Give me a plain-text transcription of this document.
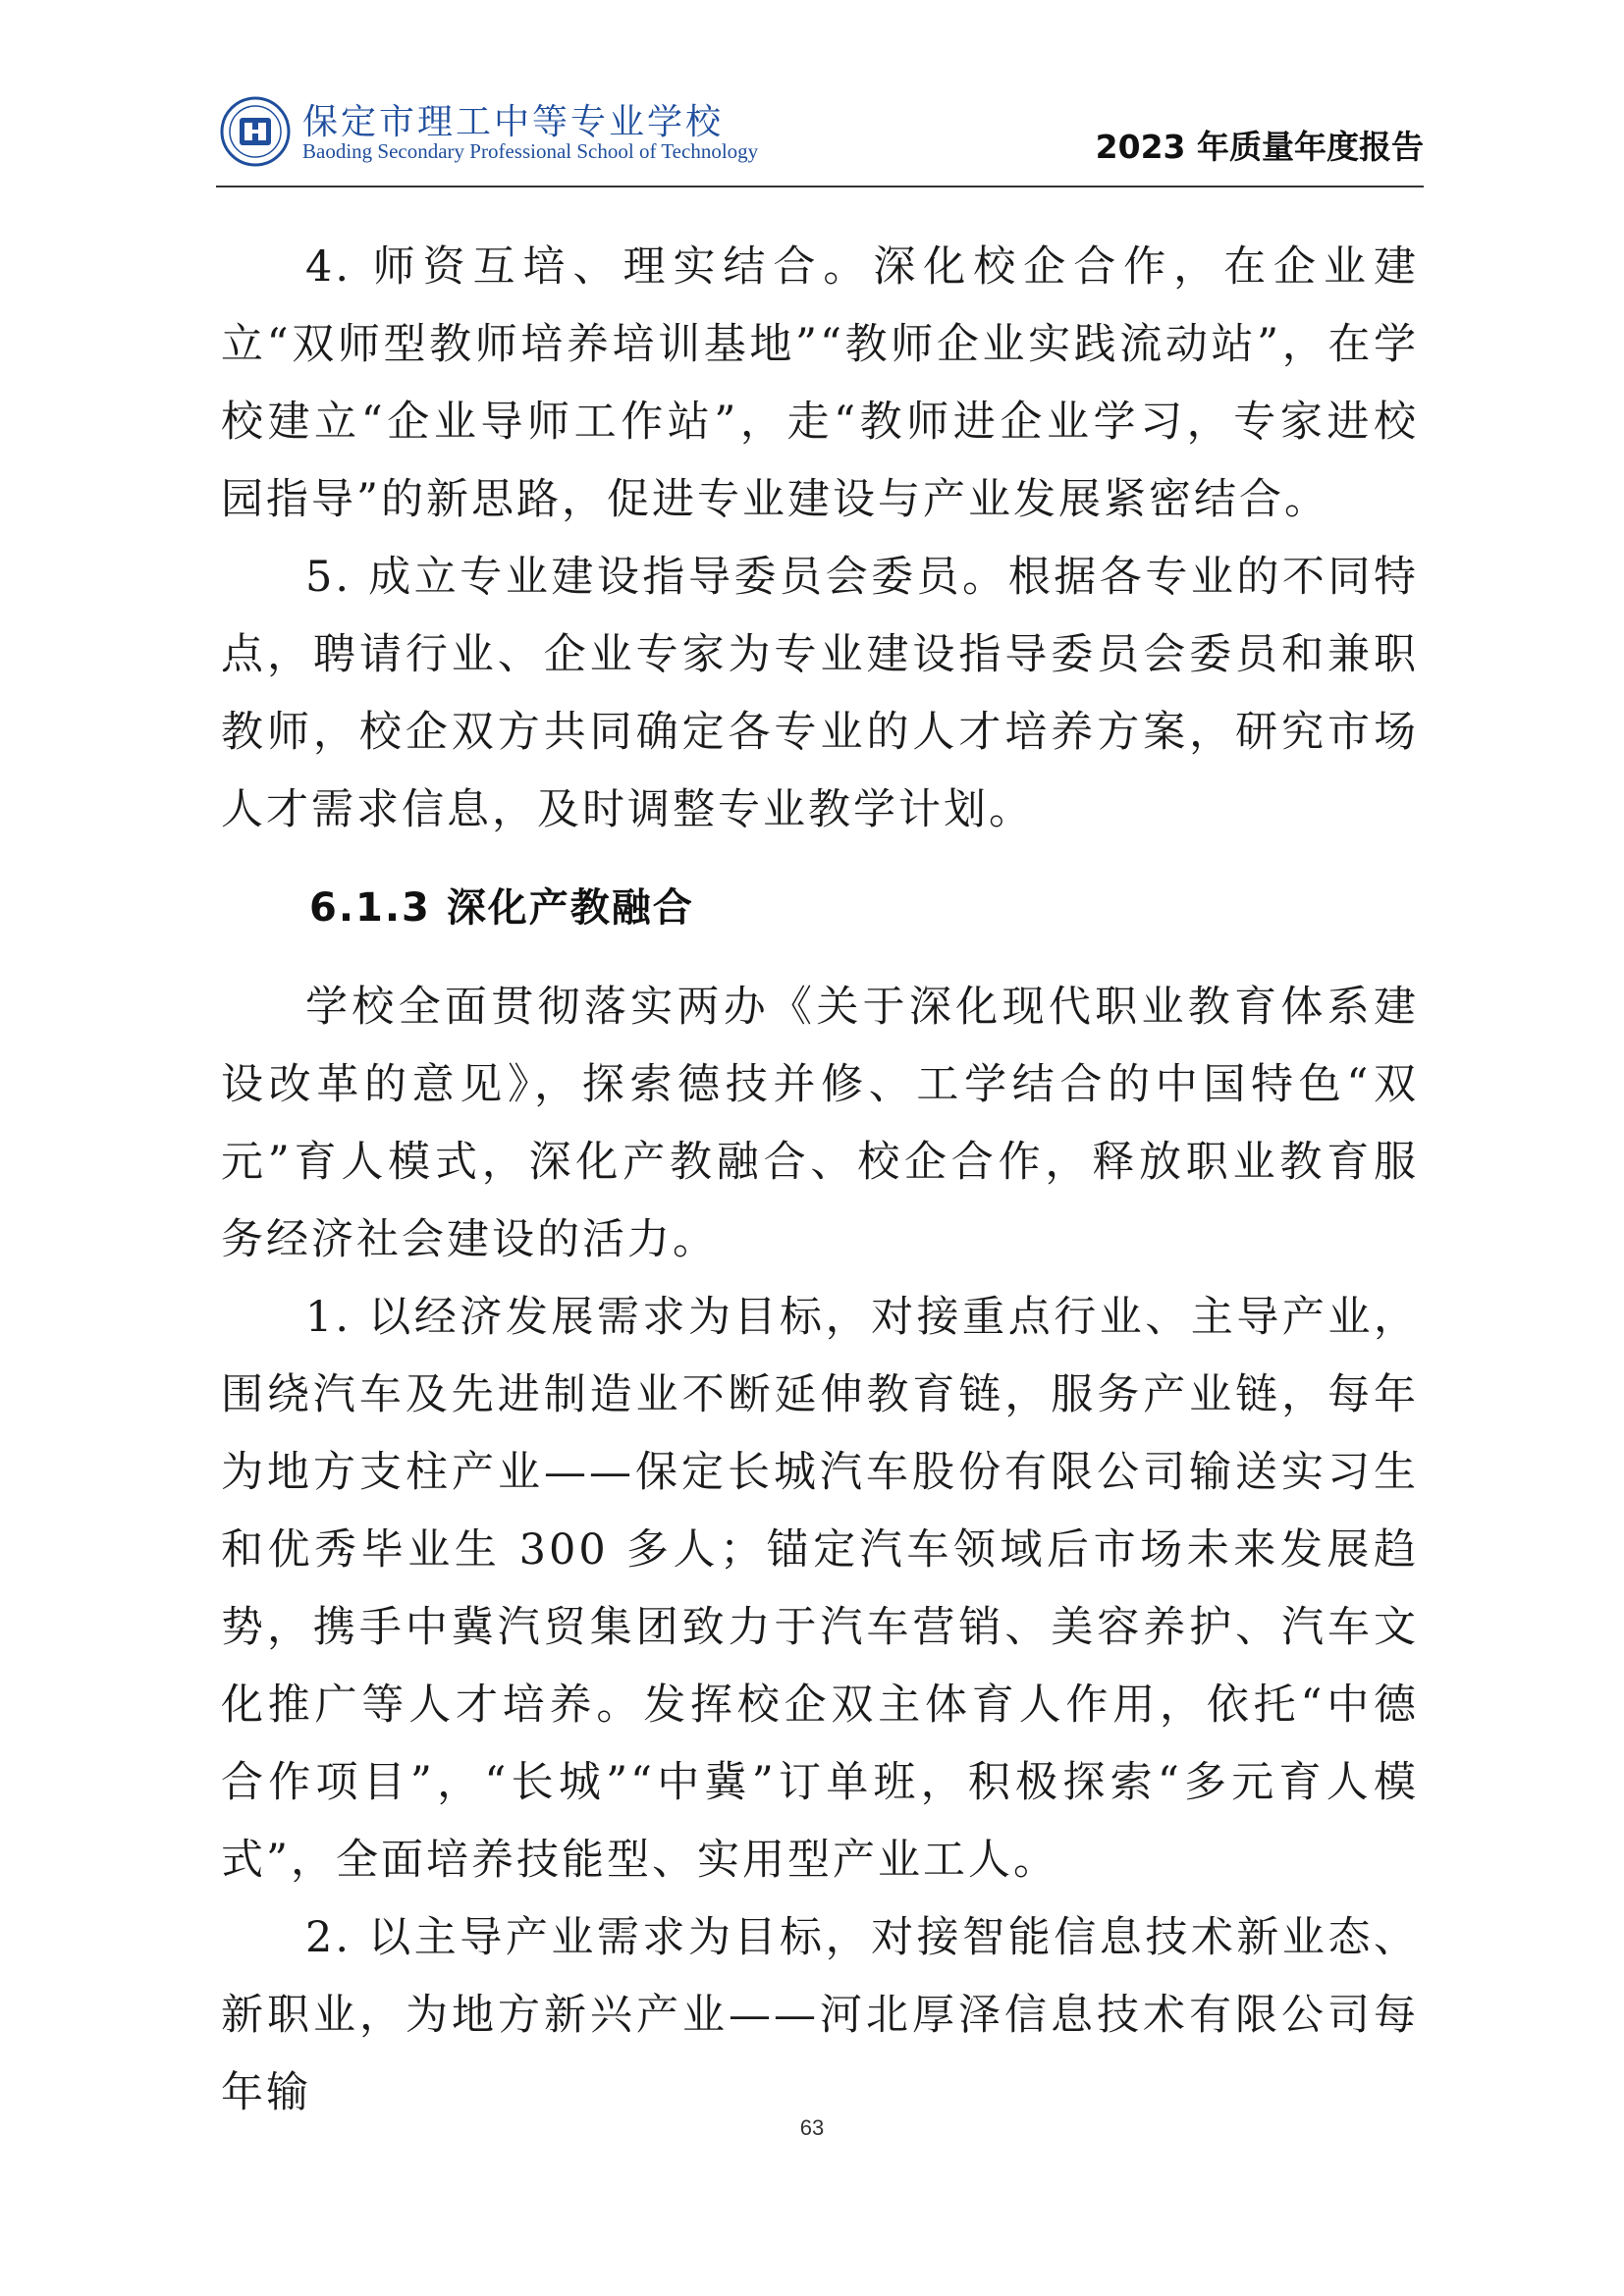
保定市理工中等专业学校
Baoding Secondary Professional School of Technology	2023 年质量年度报告

4. 师资互培、理实结合。深化校企合作，在企业建立“双师型教师培养培训基地”“教师企业实践流动站”，在学校建立“企业导师工作站”，走“教师进企业学习，专家进校园指导”的新思路，促进专业建设与产业发展紧密结合。

5. 成立专业建设指导委员会委员。根据各专业的不同特点，聘请行业、企业专家为专业建设指导委员会委员和兼职教师，校企双方共同确定各专业的人才培养方案，研究市场人才需求信息，及时调整专业教学计划。

6.1.3 深化产教融合

学校全面贯彻落实两办《关于深化现代职业教育体系建设改革的意见》，探索德技并修、工学结合的中国特色“双元”育人模式，深化产教融合、校企合作，释放职业教育服务经济社会建设的活力。

1. 以经济发展需求为目标，对接重点行业、主导产业，围绕汽车及先进制造业不断延伸教育链，服务产业链，每年为地方支柱产业——保定长城汽车股份有限公司输送实习生和优秀毕业生 300 多人；锚定汽车领域后市场未来发展趋势，携手中冀汽贸集团致力于汽车营销、美容养护、汽车文化推广等人才培养。发挥校企双主体育人作用，依托“中德合作项目”，“长城”“中冀”订单班，积极探索“多元育人模式”，全面培养技能型、实用型产业工人。

2. 以主导产业需求为目标，对接智能信息技术新业态、新职业，为地方新兴产业——河北厚泽信息技术有限公司每年输

63
